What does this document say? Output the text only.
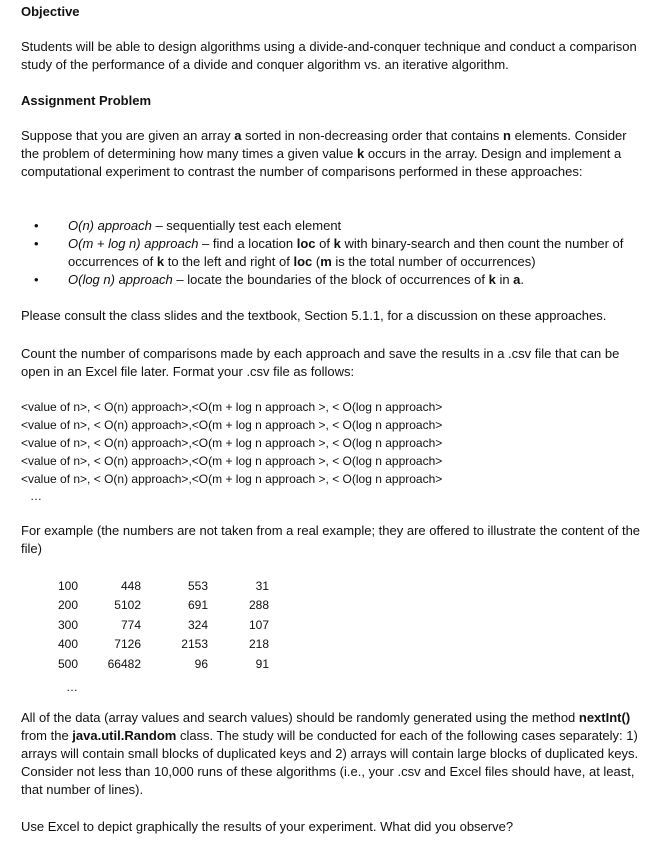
Objective

Students will be able to design algorithms using a divide-and-conquer technique and conduct a comparison study of the performance of a divide and conquer algorithm vs. an iterative algorithm.

Assignment Problem

Suppose that you are given an array a sorted in non-decreasing order that contains n elements. Consider the problem of determining how many times a given value k occurs in the array. Design and implement a computational experiment to contrast the number of comparisons performed in these approaches:

• O(n) approach – sequentially test each element
• O(m + log n) approach – find a location loc of k with binary-search and then count the number of occurrences of k to the left and right of loc (m is the total number of occurrences)
• O(log n) approach – locate the boundaries of the block of occurrences of k in a.

Please consult the class slides and the textbook, Section 5.1.1, for a discussion on these approaches.

Count the number of comparisons made by each approach and save the results in a .csv file that can be open in an Excel file later. Format your .csv file as follows:

<value of n>, < O(n) approach>,<O(m + log n approach >, < O(log n approach>

<value of n>, < O(n) approach>,<O(m + log n approach >, < O(log n approach>

<value of n>, < O(n) approach>,<O(m + log n approach >, < O(log n approach>

<value of n>, < O(n) approach>,<O(m + log n approach >, < O(log n approach>

<value of n>, < O(n) approach>,<O(m + log n approach >, < O(log n approach>

…

For example (the numbers are not taken from a real example; they are offered to illustrate the content of the file)

100	448	553	31
200	5102	691	288
300	774	324	107
400	7126	2153	218
500	66482	96	91

…

All of the data (array values and search values) should be randomly generated using the method nextInt() from the java.util.Random class. The study will be conducted for each of the following cases separately: 1) arrays will contain small blocks of duplicated keys and 2) arrays will contain large blocks of duplicated keys. Consider not less than 10,000 runs of these algorithms (i.e., your .csv and Excel files should have, at least, that number of lines).

Use Excel to depict graphically the results of your experiment. What did you observe?
